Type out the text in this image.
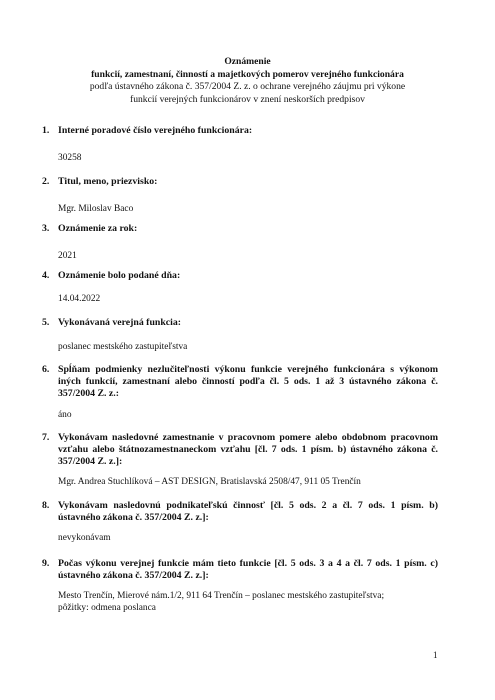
Oznámenie
funkcií, zamestnaní, činností a majetkových pomerov verejného funkcionára
podľa ústavného zákona č. 357/2004 Z. z. o ochrane verejného záujmu pri výkone
funkcií verejných funkcionárov v znení neskorších predpisov
1. Interné poradové číslo verejného funkcionára:
30258
2. Titul, meno, priezvisko:
Mgr. Miloslav Baco
3. Oznámenie za rok:
2021
4. Oznámenie bolo podané dňa:
14.04.2022
5. Vykonávaná verejná funkcia:
poslanec mestského zastupiteľstva
6. Spĺňam podmienky nezlučiteľnosti výkonu funkcie verejného funkcionára s výkonom iných funkcií, zamestnaní alebo činností podľa čl. 5 ods. 1 až 3 ústavného zákona č. 357/2004 Z. z.:
áno
7. Vykonávam nasledovné zamestnanie v pracovnom pomere alebo obdobnom pracovnom vzťahu alebo štátnozamestnaneckom vzťahu [čl. 7 ods. 1 písm. b) ústavného zákona č. 357/2004 Z. z.]:
Mgr. Andrea Stuchlíková – AST DESIGN, Bratislavská 2508/47, 911 05 Trenčín
8. Vykonávam nasledovnú podnikateľskú činnosť [čl. 5 ods. 2 a čl. 7 ods. 1 písm. b) ústavného zákona č. 357/2004 Z. z.]:
nevykonávam
9. Počas výkonu verejnej funkcie mám tieto funkcie [čl. 5 ods. 3 a 4 a čl. 7 ods. 1 písm. c) ústavného zákona č. 357/2004 Z. z.]:
Mesto Trenčín, Mierové nám.1/2, 911 64 Trenčín – poslanec mestského zastupiteľstva;
pôžitky: odmena poslanca
1
